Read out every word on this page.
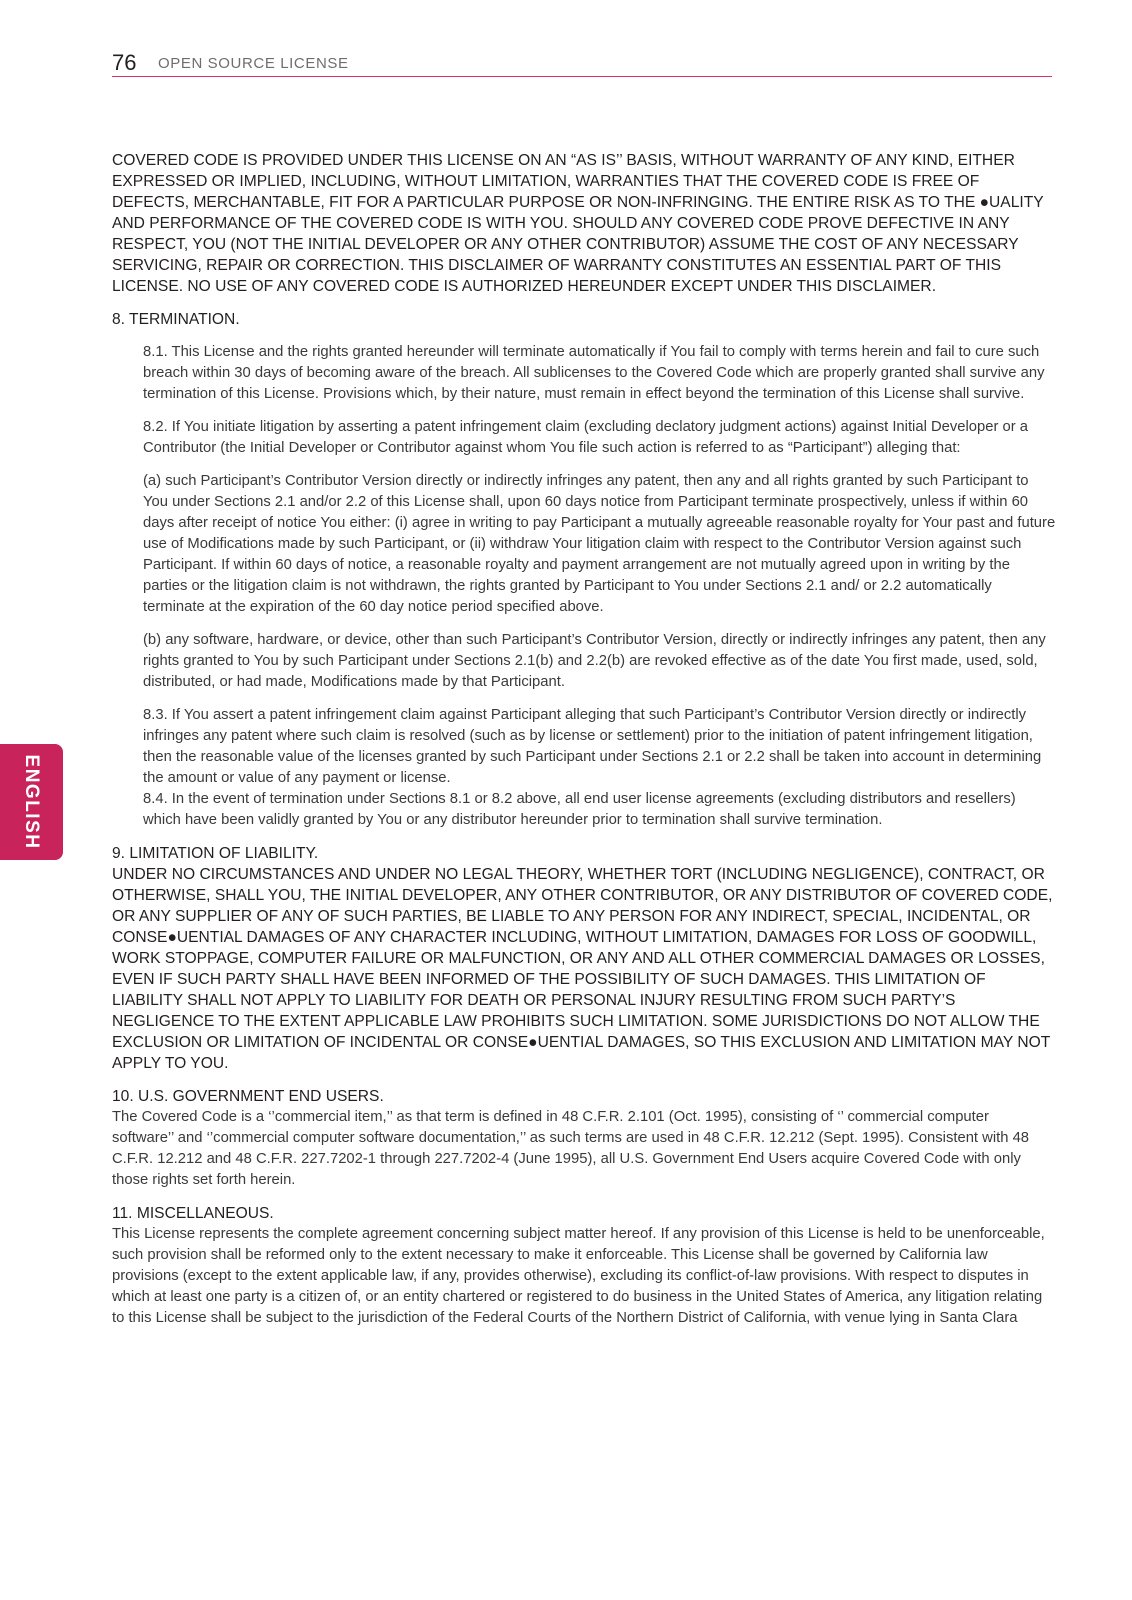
76 OPEN SOURCE LICENSE
ENGLISH

COVERED CODE IS PROVIDED UNDER THIS LICENSE ON AN “AS IS’’ BASIS, WITHOUT WARRANTY OF ANY KIND, EITHER EXPRESSED OR IMPLIED, INCLUDING, WITHOUT LIMITATION, WARRANTIES THAT THE COVERED CODE IS FREE OF DEFECTS, MERCHANTABLE, FIT FOR A PARTICULAR PURPOSE OR NON-INFRINGING. THE ENTIRE RISK AS TO THE ●UALITY AND PERFORMANCE OF THE COVERED CODE IS WITH YOU. SHOULD ANY COVERED CODE PROVE DEFECTIVE IN ANY RESPECT, YOU (NOT THE INITIAL DEVELOPER OR ANY OTHER CONTRIBUTOR) ASSUME THE COST OF ANY NECESSARY SERVICING, REPAIR OR CORRECTION. THIS DISCLAIMER OF WARRANTY CONSTITUTES AN ESSENTIAL PART OF THIS LICENSE. NO USE OF ANY COVERED CODE IS AUTHORIZED HEREUNDER EXCEPT UNDER THIS DISCLAIMER.

8. TERMINATION.

8.1. This License and the rights granted hereunder will terminate automatically if You fail to comply with terms herein and fail to cure such breach within 30 days of becoming aware of the breach. All sublicenses to the Covered Code which are properly granted shall survive any termination of this License. Provisions which, by their nature, must remain in effect beyond the termination of this License shall survive.

8.2. If You initiate litigation by asserting a patent infringement claim (excluding declatory judgment actions) against Initial Developer or a Contributor (the Initial Developer or Contributor against whom You file such action is referred to as “Participant”) alleging that:

(a) such Participant’s Contributor Version directly or indirectly infringes any patent, then any and all rights granted by such Participant to You under Sections 2.1 and/or 2.2 of this License shall, upon 60 days notice from Participant terminate prospectively, unless if within 60 days after receipt of notice You either: (i) agree in writing to pay Participant a mutually agreeable reasonable royalty for Your past and future use of Modifications made by such Participant, or (ii) withdraw Your litigation claim with respect to the Contributor Version against such Participant. If within 60 days of notice, a reasonable royalty and payment arrangement are not mutually agreed upon in writing by the parties or the litigation claim is not withdrawn, the rights granted by Participant to You under Sections 2.1 and/ or 2.2 automatically terminate at the expiration of the 60 day notice period specified above.

(b) any software, hardware, or device, other than such Participant’s Contributor Version, directly or indirectly infringes any patent, then any rights granted to You by such Participant under Sections 2.1(b) and 2.2(b) are revoked effective as of the date You first made, used, sold, distributed, or had made, Modifications made by that Participant.

8.3. If You assert a patent infringement claim against Participant alleging that such Participant’s Contributor Version directly or indirectly infringes any patent where such claim is resolved (such as by license or settlement) prior to the initiation of patent infringement litigation, then the reasonable value of the licenses granted by such Participant under Sections 2.1 or 2.2 shall be taken into account in determining the amount or value of any payment or license.

8.4. In the event of termination under Sections 8.1 or 8.2 above, all end user license agreements (excluding distributors and resellers) which have been validly granted by You or any distributor hereunder prior to termination shall survive termination.

9. LIMITATION OF LIABILITY.

UNDER NO CIRCUMSTANCES AND UNDER NO LEGAL THEORY, WHETHER TORT (INCLUDING NEGLIGENCE), CONTRACT, OR OTHERWISE, SHALL YOU, THE INITIAL DEVELOPER, ANY OTHER CONTRIBUTOR, OR ANY DISTRIBUTOR OF COVERED CODE, OR ANY SUPPLIER OF ANY OF SUCH PARTIES, BE LIABLE TO ANY PERSON FOR ANY INDIRECT, SPECIAL, INCIDENTAL, OR CONSE●UENTIAL DAMAGES OF ANY CHARACTER INCLUDING, WITHOUT LIMITATION, DAMAGES FOR LOSS OF GOODWILL, WORK STOPPAGE, COMPUTER FAILURE OR MALFUNCTION, OR ANY AND ALL OTHER COMMERCIAL DAMAGES OR LOSSES, EVEN IF SUCH PARTY SHALL HAVE BEEN INFORMED OF THE POSSIBILITY OF SUCH DAMAGES. THIS LIMITATION OF LIABILITY SHALL NOT APPLY TO LIABILITY FOR DEATH OR PERSONAL INJURY RESULTING FROM SUCH PARTY’S NEGLIGENCE TO THE EXTENT APPLICABLE LAW PROHIBITS SUCH LIMITATION. SOME JURISDICTIONS DO NOT ALLOW THE EXCLUSION OR LIMITATION OF INCIDENTAL OR CONSE●UENTIAL DAMAGES, SO THIS EXCLUSION AND LIMITATION MAY NOT APPLY TO YOU.

10. U.S. GOVERNMENT END USERS.

The Covered Code is a ‘’commercial item,’’ as that term is defined in 48 C.F.R. 2.101 (Oct. 1995), consisting of ‘’ commercial computer software’’ and ‘’commercial computer software documentation,’’ as such terms are used in 48 C.F.R. 12.212 (Sept. 1995). Consistent with 48 C.F.R. 12.212 and 48 C.F.R. 227.7202-1 through 227.7202-4 (June 1995), all U.S. Government End Users acquire Covered Code with only those rights set forth herein.

11. MISCELLANEOUS.

This License represents the complete agreement concerning subject matter hereof. If any provision of this License is held to be unenforceable, such provision shall be reformed only to the extent necessary to make it enforceable. This License shall be governed by California law provisions (except to the extent applicable law, if any, provides otherwise), excluding its conflict-of-law provisions. With respect to disputes in which at least one party is a citizen of, or an entity chartered or registered to do business in the United States of America, any litigation relating to this License shall be subject to the jurisdiction of the Federal Courts of the Northern District of California, with venue lying in Santa Clara
